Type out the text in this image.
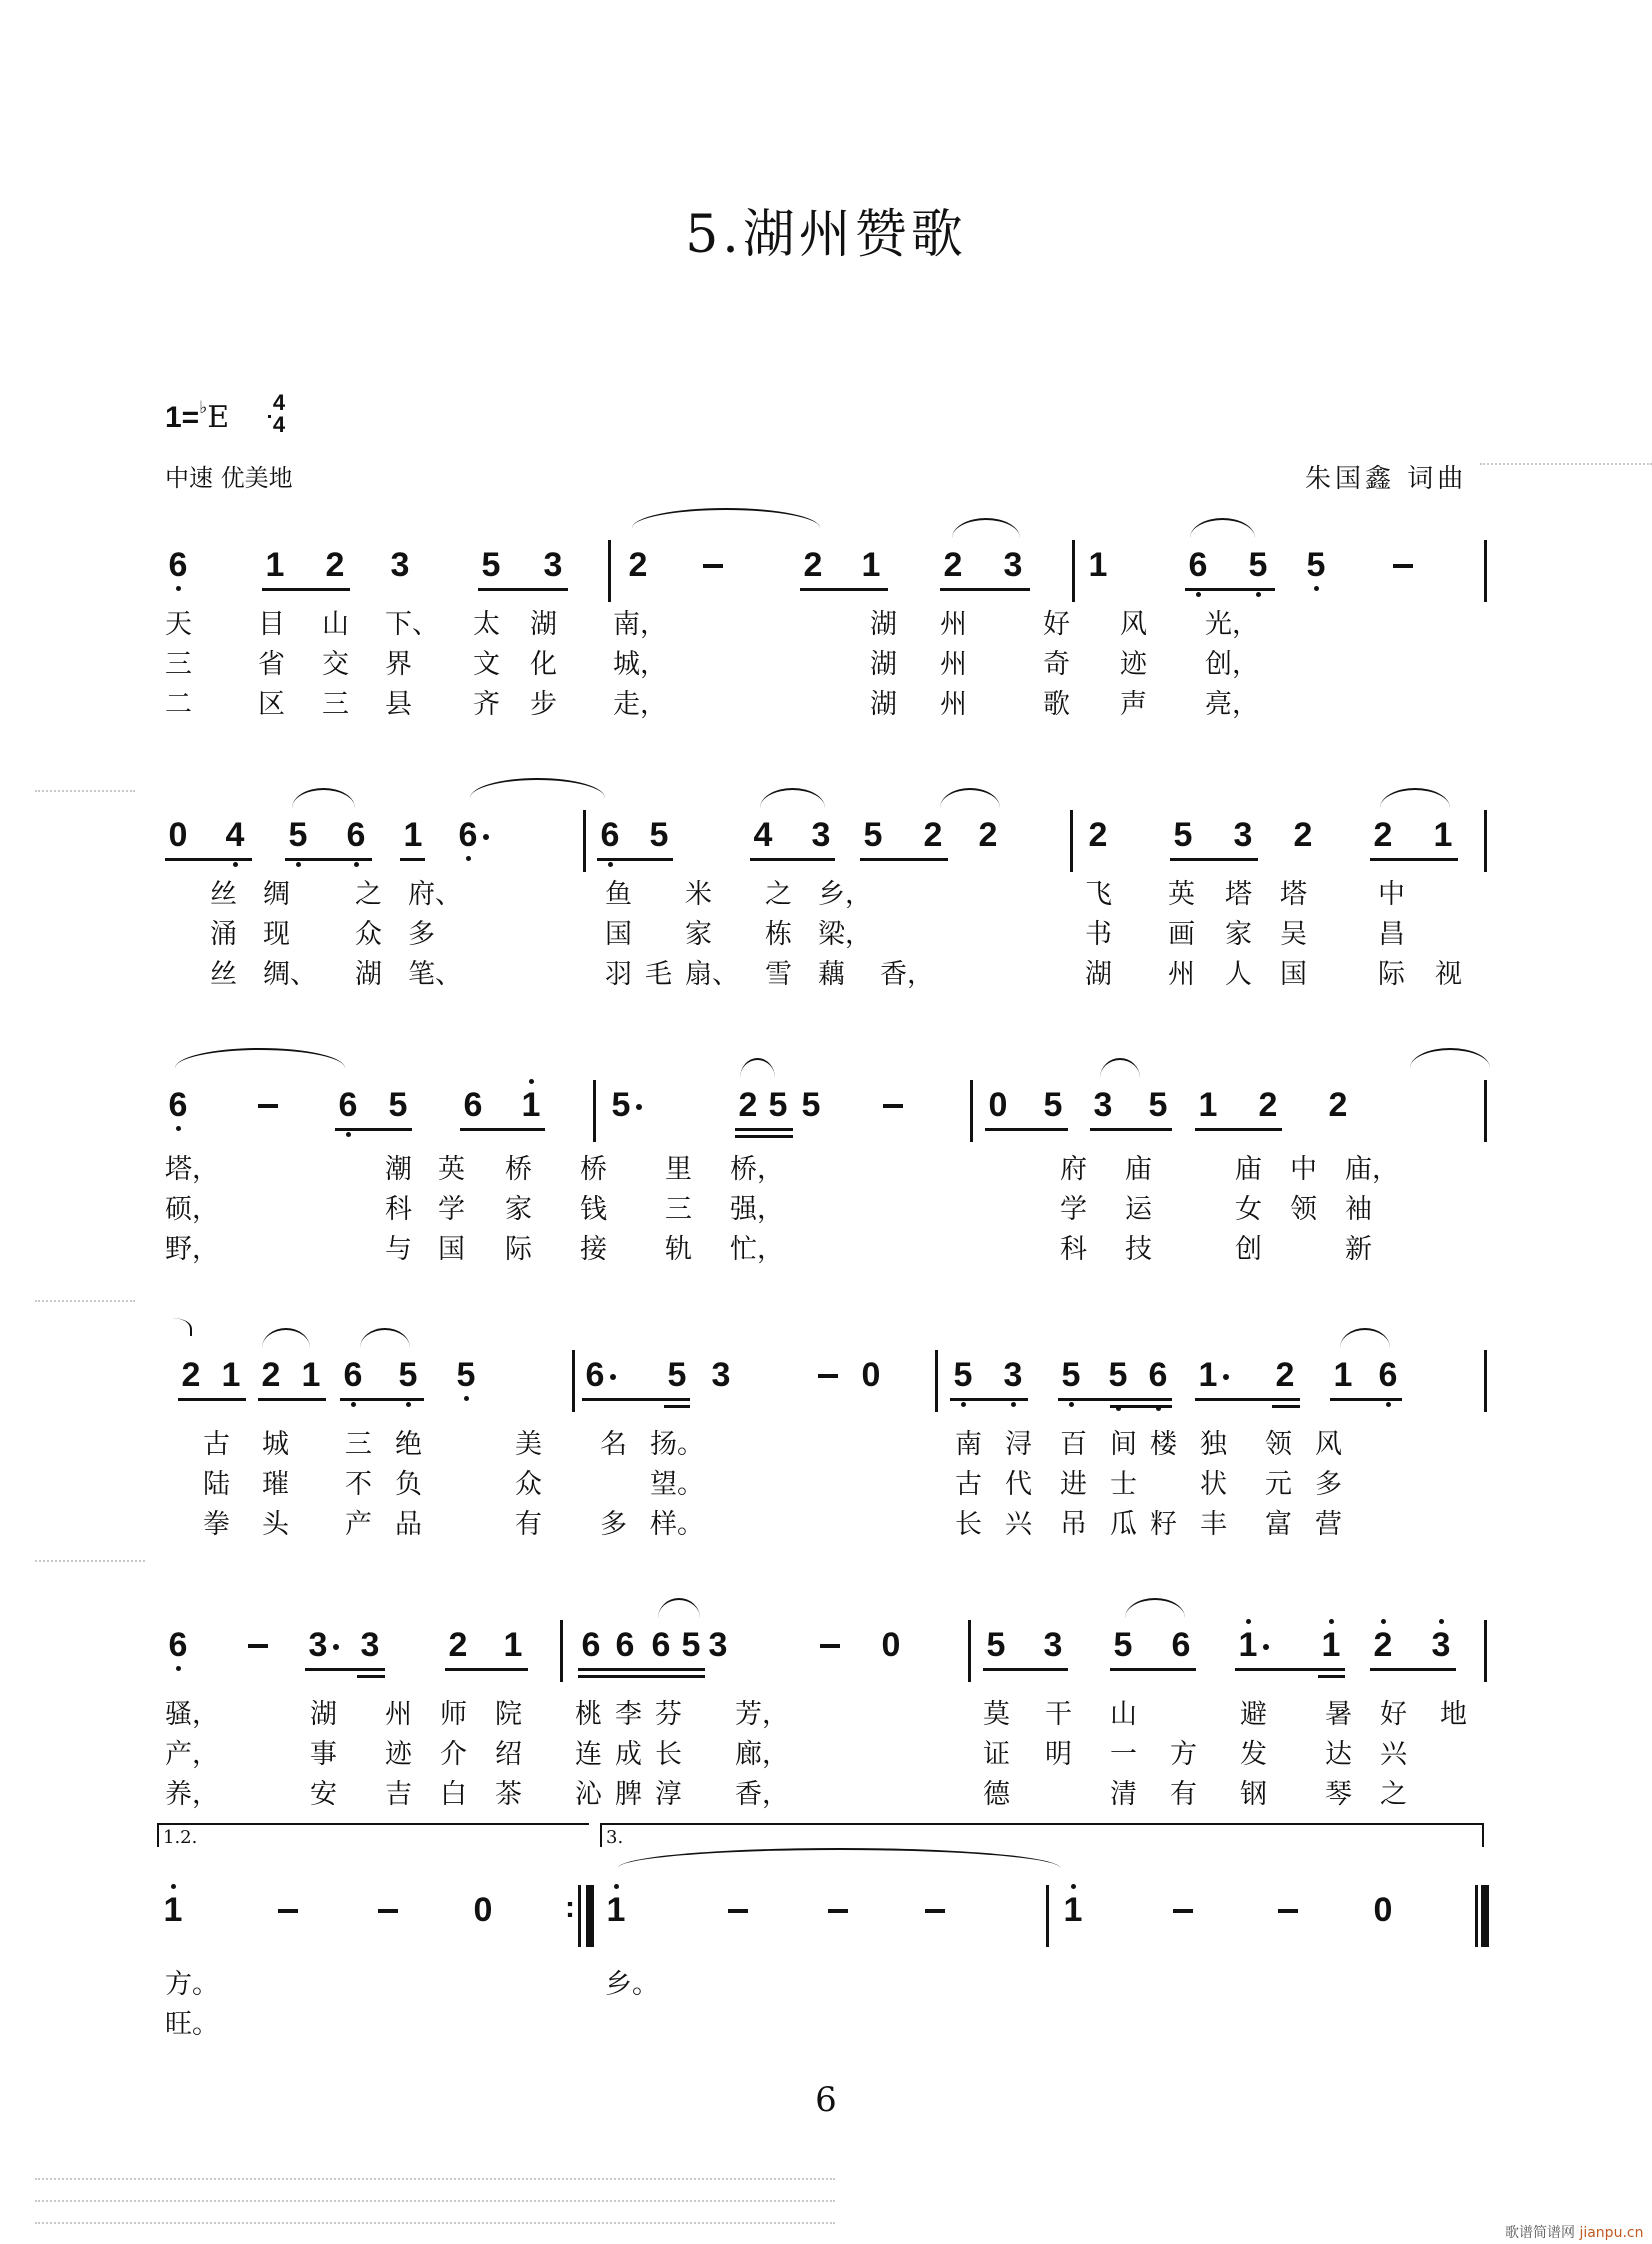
5.湖州赞歌
1=♭E 4
4
中速 优美地	朱国鑫 词曲
6 1 2 3 5 3 2	2 1 2 3 1 6 5 5
天 目 山 下、 太 湖 南，	湖 州	好 风 光，
三 省 交 界 文 化 城，	湖 州	奇 迹 创，
二 区 三 县 齐 步 走，	湖 州	歌 声 亮，
0 4 5 6 1 6	6 5	4 3 5 2 2	2 5 3 2 2 1
丝 绸 之 府、	鱼 米 之 乡，	飞 英 塔 塔	中
涌 现 众 多	国 家 栋 梁，	书 画 家 吴	昌
丝 绸、 湖 笔、	羽 毛 扇、 雪 藕 香，	湖 州 人 国	际 视
6	6 5 6 1 5	2 5 5	0 5 3 5 1 2 2
塔，	潮 英 桥 桥 里 桥，	府 庙	庙 中 庙，
硕，	科 学 家 钱 三 强，	学 运	女 领 袖
野，	与 国 际 接 轨 忙，	科 技	创	新
2 1 2 1 6 5 5	6 5 3	0 5 3 5 5 6 1 2 1 6
古 城 三 绝	美 名 扬。	南 浔 百 间 楼 独 领 风
陆 璀 不 负	众	望。	古 代 进 士 状 元 多
拳 头 产 品	有 多 样。	长 兴 吊 瓜 籽 丰 富 营
6	3 3 2 1 6 6 6 5 3	0	5 3 5 6 1 1 2 3
骚，	湖 州 师 院 桃 李 芬 芳，	莫 干 山	避 暑 好 地
产，	事 迹 介 绍 连 成 长 廊，	证 明 一 方 发 达 兴
养，	安 吉 白 茶 沁 脾 淳 香，	德	清 有 钢 琴 之
1.2.	3.
1	0 : 1	1	0
方。	乡。
旺。
6
歌谱简谱网 jianpu.cn
